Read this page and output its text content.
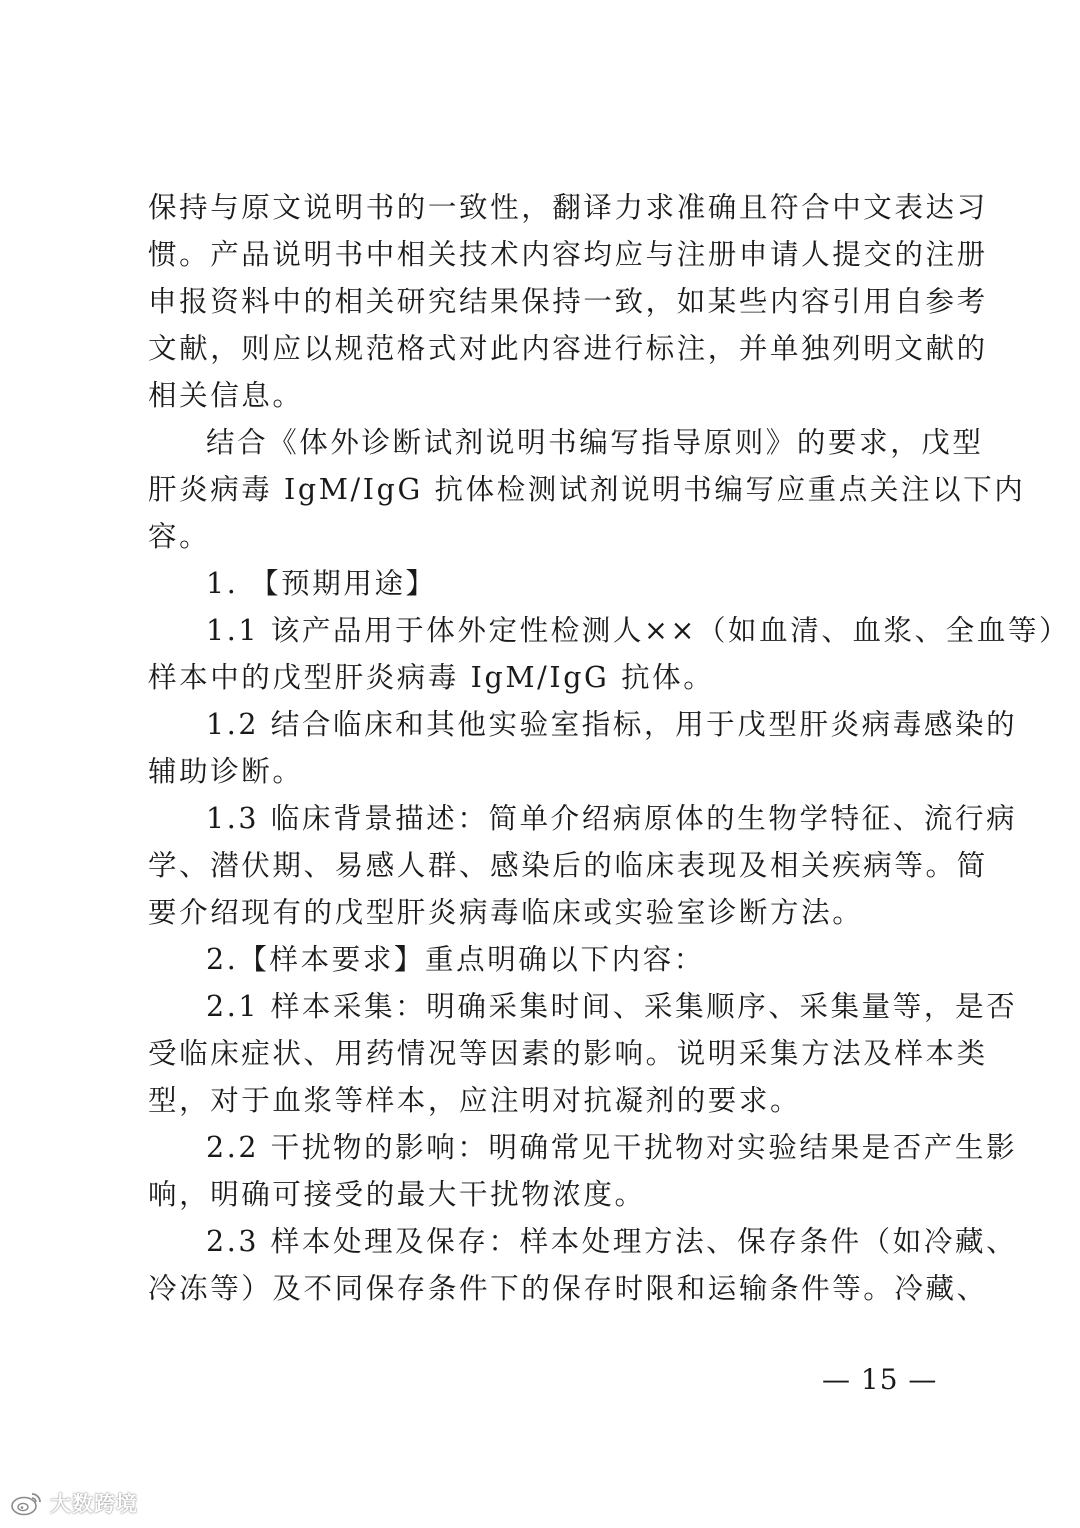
保持与原文说明书的一致性，翻译力求准确且符合中文表达习
惯。产品说明书中相关技术内容均应与注册申请人提交的注册
申报资料中的相关研究结果保持一致，如某些内容引用自参考
文献，则应以规范格式对此内容进行标注，并单独列明文献的
相关信息。
结合《体外诊断试剂说明书编写指导原则》的要求，戊型
肝炎病毒 IgM/IgG 抗体检测试剂说明书编写应重点关注以下内
容。
1. 【预期用途】
1.1 该产品用于体外定性检测人××（如血清、血浆、全血等）
样本中的戊型肝炎病毒 IgM/IgG 抗体。
1.2 结合临床和其他实验室指标，用于戊型肝炎病毒感染的
辅助诊断。
1.3 临床背景描述：简单介绍病原体的生物学特征、流行病
学、潜伏期、易感人群、感染后的临床表现及相关疾病等。简
要介绍现有的戊型肝炎病毒临床或实验室诊断方法。
2.【样本要求】重点明确以下内容：
2.1 样本采集：明确采集时间、采集顺序、采集量等，是否
受临床症状、用药情况等因素的影响。说明采集方法及样本类
型，对于血浆等样本，应注明对抗凝剂的要求。
2.2 干扰物的影响：明确常见干扰物对实验结果是否产生影
响，明确可接受的最大干扰物浓度。
2.3 样本处理及保存：样本处理方法、保存条件（如冷藏、
冷冻等）及不同保存条件下的保存时限和运输条件等。冷藏、
— 15 —
大数跨境
